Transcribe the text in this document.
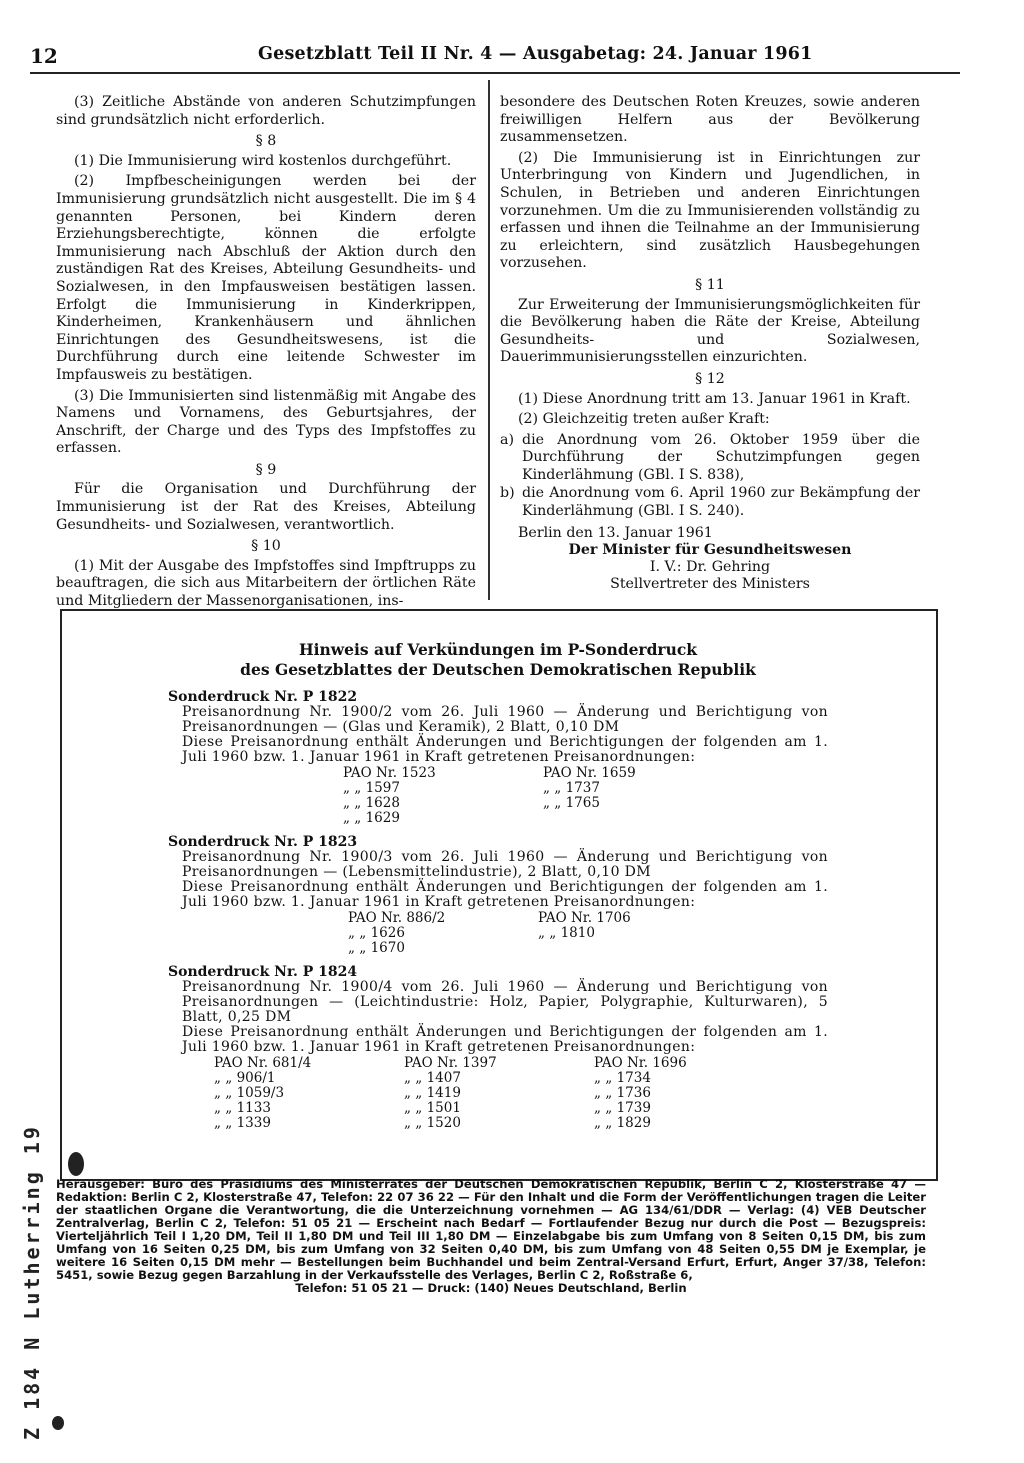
12	Gesetzblatt Teil II Nr. 4 — Ausgabetag: 24. Januar 1961

(3) Zeitliche Abstände von anderen Schutzimpfungen sind grundsätzlich nicht erforderlich.

§ 8

(1) Die Immunisierung wird kostenlos durchgeführt.

(2) Impfbescheinigungen werden bei der Immunisierung grundsätzlich nicht ausgestellt. Die im § 4 genannten Personen, bei Kindern deren Erziehungsberechtigte, können die erfolgte Immunisierung nach Abschluß der Aktion durch den zuständigen Rat des Kreises, Abteilung Gesundheits- und Sozialwesen, in den Impfausweisen bestätigen lassen. Erfolgt die Immunisierung in Kinderkrippen, Kinderheimen, Krankenhäusern und ähnlichen Einrichtungen des Gesundheitswesens, ist die Durchführung durch eine leitende Schwester im Impfausweis zu bestätigen.

(3) Die Immunisierten sind listenmäßig mit Angabe des Namens und Vornamens, des Geburtsjahres, der Anschrift, der Charge und des Typs des Impfstoffes zu erfassen.

§ 9

Für die Organisation und Durchführung der Immunisierung ist der Rat des Kreises, Abteilung Gesundheits- und Sozialwesen, verantwortlich.

§ 10

(1) Mit der Ausgabe des Impfstoffes sind Impftrupps zu beauftragen, die sich aus Mitarbeitern der örtlichen Räte und Mitgliedern der Massenorganisationen, ins-

besondere des Deutschen Roten Kreuzes, sowie anderen freiwilligen Helfern aus der Bevölkerung zusammensetzen.

(2) Die Immunisierung ist in Einrichtungen zur Unterbringung von Kindern und Jugendlichen, in Schulen, in Betrieben und anderen Einrichtungen vorzunehmen. Um die zu Immunisierenden vollständig zu erfassen und ihnen die Teilnahme an der Immunisierung zu erleichtern, sind zusätzlich Hausbegehungen vorzusehen.

§ 11

Zur Erweiterung der Immunisierungsmöglichkeiten für die Bevölkerung haben die Räte der Kreise, Abteilung Gesundheits- und Sozialwesen, Dauerimmunisierungsstellen einzurichten.

§ 12

(1) Diese Anordnung tritt am 13. Januar 1961 in Kraft.

(2) Gleichzeitig treten außer Kraft:

a) die Anordnung vom 26. Oktober 1959 über die Durchführung der Schutzimpfungen gegen Kinderlähmung (GBl. I S. 838),
b) die Anordnung vom 6. April 1960 zur Bekämpfung der Kinderlähmung (GBl. I S. 240).
Berlin den 13. Januar 1961
Der Minister für Gesundheitswesen
I. V.: Dr. Gehring
Stellvertreter des Ministers
Hinweis auf Verkündungen im P-Sonderdruck
des Gesetzblattes der Deutschen Demokratischen Republik
Sonderdruck Nr. P 1822
Preisanordnung Nr. 1900/2 vom 26. Juli 1960 — Änderung und Berichtigung von Preisanordnungen — (Glas und Keramik), 2 Blatt, 0,10 DM
Diese Preisanordnung enthält Änderungen und Berichtigungen der folgenden am 1. Juli 1960 bzw. 1. Januar 1961 in Kraft getretenen Preisanordnungen:
PAO Nr. 1523	PAO Nr. 1659
„ „ 1597	„ „ 1737
„ „ 1628	„ „ 1765
„ „ 1629
Sonderdruck Nr. P 1823
Preisanordnung Nr. 1900/3 vom 26. Juli 1960 — Änderung und Berichtigung von Preisanordnungen — (Lebensmittelindustrie), 2 Blatt, 0,10 DM
Diese Preisanordnung enthält Änderungen und Berichtigungen der folgenden am 1. Juli 1960 bzw. 1. Januar 1961 in Kraft getretenen Preisanordnungen:
PAO Nr. 886/2	PAO Nr. 1706
„ „ 1626	„ „ 1810
„ „ 1670
Sonderdruck Nr. P 1824
Preisanordnung Nr. 1900/4 vom 26. Juli 1960 — Änderung und Berichtigung von Preisanordnungen — (Leichtindustrie: Holz, Papier, Polygraphie, Kulturwaren), 5 Blatt, 0,25 DM
Diese Preisanordnung enthält Änderungen und Berichtigungen der folgenden am 1. Juli 1960 bzw. 1. Januar 1961 in Kraft getretenen Preisanordnungen:
PAO Nr. 681/4	PAO Nr. 1397	PAO Nr. 1696
„ „ 906/1	„ „ 1407	„ „ 1734
„ „ 1059/3	„ „ 1419	„ „ 1736
„ „ 1133	„ „ 1501	„ „ 1739
„ „ 1339	„ „ 1520	„ „ 1829

Herausgeber: Büro des Präsidiums des Ministerrates der Deutschen Demokratischen Republik, Berlin C 2, Klosterstraße 47 — Redaktion: Berlin C 2, Klosterstraße 47, Telefon: 22 07 36 22 — Für den Inhalt und die Form der Veröffentlichungen tragen die Leiter der staatlichen Organe die Verantwortung, die die Unterzeichnung vornehmen — AG 134/61/DDR — Verlag: (4) VEB Deutscher Zentralverlag, Berlin C 2, Telefon: 51 05 21 — Erscheint nach Bedarf — Fortlaufender Bezug nur durch die Post — Bezugspreis: Vierteljährlich Teil I 1,20 DM, Teil II 1,80 DM und Teil III 1,80 DM — Einzelabgabe bis zum Umfang von 8 Seiten 0,15 DM, bis zum Umfang von 16 Seiten 0,25 DM, bis zum Umfang von 32 Seiten 0,40 DM, bis zum Umfang von 48 Seiten 0,55 DM je Exemplar, je weitere 16 Seiten 0,15 DM mehr — Bestellungen beim Buchhandel und beim Zentral-Versand Erfurt, Erfurt, Anger 37/38, Telefon: 5451, sowie Bezug gegen Barzahlung in der Verkaufsstelle des Verlages, Berlin C 2, Roßstraße 6,

Telefon: 51 05 21 — Druck: (140) Neues Deutschland, Berlin

Z 184 N Lutherring 19
